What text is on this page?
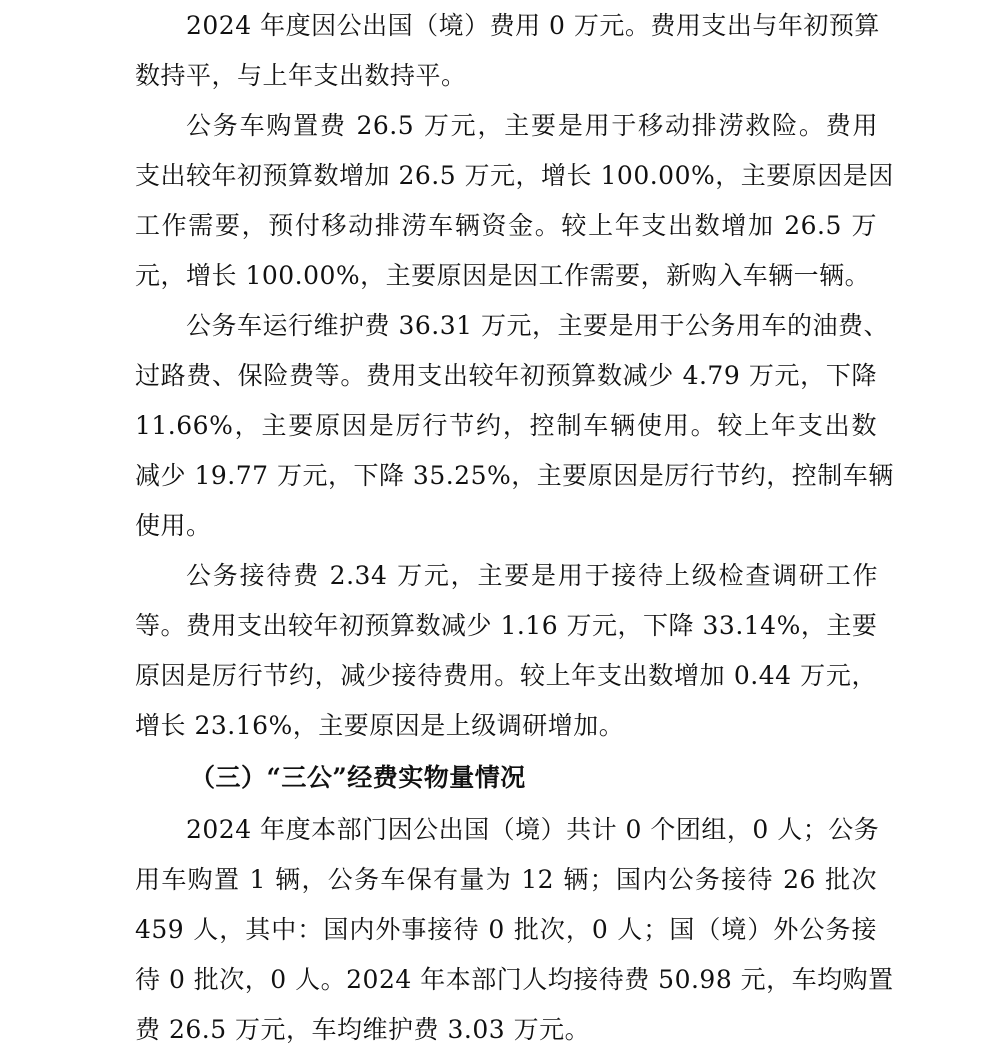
2024 年度因公出国（境）费用 0 万元。费用支出与年初预算
数持平，与上年支出数持平。
公务车购置费 26.5 万元，主要是用于移动排涝救险。费用
支出较年初预算数增加 26.5 万元，增长 100.00%，主要原因是因
工作需要，预付移动排涝车辆资金。较上年支出数增加 26.5 万
元，增长 100.00%，主要原因是因工作需要，新购入车辆一辆。
公务车运行维护费 36.31 万元，主要是用于公务用车的油费、
过路费、保险费等。费用支出较年初预算数减少 4.79 万元，下降
11.66%，主要原因是厉行节约，控制车辆使用。较上年支出数
减少 19.77 万元，下降 35.25%，主要原因是厉行节约，控制车辆
使用。
公务接待费 2.34 万元，主要是用于接待上级检查调研工作
等。费用支出较年初预算数减少 1.16 万元，下降 33.14%，主要
原因是厉行节约，减少接待费用。较上年支出数增加 0.44 万元，
增长 23.16%，主要原因是上级调研增加。
（三）“三公”经费实物量情况
2024 年度本部门因公出国（境）共计 0 个团组，0 人；公务
用车购置 1 辆，公务车保有量为 12 辆；国内公务接待 26 批次
459 人，其中：国内外事接待 0 批次，0 人；国（境）外公务接
待 0 批次，0 人。2024 年本部门人均接待费 50.98 元，车均购置
费 26.5 万元，车均维护费 3.03 万元。
